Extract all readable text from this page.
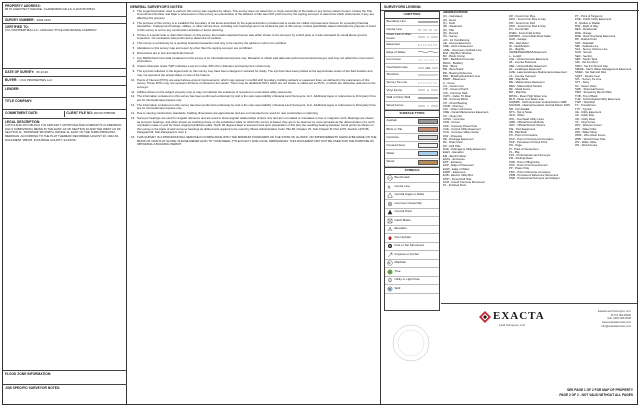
PROPERTY ADDRESS:
89 W CHESTNUT AVENUE, CLARENDON HILLS, ILLINOIS 60514
SURVEY NUMBER: 2003.2613
CERTIFIED TO:
CCU PROPERTIES LLC; CHICAGO TITLE INSURANCE COMPANY
DATE OF SURVEY: 05.13.20
BUYER: CCU PROPERTIES LLC
LENDER:
TITLE COMPANY:
COMMITMENT DATE:	CLIENT FILE NO: 20CSC7055936
LEGAL DESCRIPTION:
LOTS 9 AND 10 IN BLOCK 4 IN ARTHUR T. MCINTOSH AND COMPANY'S CLARENDON HILLS SUBDIVISION, BEING IN THE EAST 1/2 OF SECTION 10 AND THE WEST 1/2 OF SECTION 11, TOWNSHIP 38 NORTH, RANGE 11, EAST OF THE THIRD PRINCIPAL MERIDIAN, ACCORDING TO THE PLAT THEREOF RECORDED AUGUST 26, 1922 AS DOCUMENT 158478, IN DUPAGE COUNTY, ILLINOIS.
FLOOD ZONE INFORMATION:
JOB SPECIFIC SURVEYOR NOTES:
GENERAL SURVEYOR'S NOTES:
1. The Legal Description used to perform this survey was supplied by others. This survey does not determine or imply ownership of the lands or any fences shown hereon. Unless the Title Commitment Number and Date is referenced on this survey, an examination of the abstract of title was NOT performed by the signing surveyor to determine which instruments, if any, are affecting this property.
2. The purpose of this survey is to establish the boundary of the lands described by the legal description provided and to locate the visible improvements thereon for a pending financial transaction. Underground footings, utilities, or other service lines, including roof overhangs were not located as part of this survey. Unless specifically stated otherwise the purpose of intent of this survey is not for any construction activities or future planning.
3. If there is a septic tank or drain field shown on this survey, the location depicted hereon was either shown to the surveyor by a third party or it was estimated by visual above ground inspection. No excavation was performed to determine its location.
4. This survey is exclusively for a pending financial transaction and only to be used by the parties to whom it is certified.
5. Alterations to this survey map and report by other than the signing surveyor are prohibited.
6. Dimensions are in feet and decimals thereof.
7. Any FEMA flood zone data contained on this survey is for informational purposes only. Research to obtain said data was performed at www.fema.gov and may not reflect the most recent information.
8. Unless otherwise noted "SIR" indicates a set iron rebar, 5/8 inch in diameter and twenty-four inches long.
9. The symbols reflected in the legend and on this survey may have been enlarged or reduced for clarity. The symbols have been plotted at the approximate center of the field location and may not represent the actual shape or size of the feature.
10. Points of Interest (POI's) are select above-ground improvements, which may appear in conflict with boundary, building setback or easement lines, as defined by the parameters of this survey. These POI's may not represent all items of interest to the viewer. There may be additional POI's which are not shown or called-out as POI's, or which are otherwise unknown to the surveyor.
11. Utilities shown on the subject property may or may not indicate the existence of recorded or unrecorded utility easements.
12. The information contained on this survey has been performed exclusively by and is the sole responsibility of Exacta Land Surveyors, LLC. Additional logos or references to third party firms are for informational purposes only.
13. The information contained on this survey has been performed exclusively by and is the sole responsibility of Exacta Land Surveyors, LLC. Additional logos or references to third party firms are for informational purposes only.
14. Due to varying construction standards, building dimensions are approximate and are not intended to be used for new construction or planning.
15. Surveyor bearings are used for angular reference and are used to show angular relationships of lines only and are not related or orientated to true or magnetic north. Bearings are shown as surveyor bearings, and when shown as matching those on the subdivision plats on which this survey is based, they are to be deemed no more accurate as the determination of a north orientation made on and for those original subdivision plats. North 00 degrees East is assumed and upon preparation of this plat, the resulting bearing between found points as shown on this survey is the basis of said surveyor bearings as defined and required to be noted by Illinois Administrative Code Title 68, Chapter VII, Sub-Chapter B, Part 1270, Section 1270.56, Paragraph B, Sub-Paragraph 6, Item k.
16. THIS SURVEY IS A PROFESSIONAL SERVICE IN COMPLIANCE WITH THE MINIMUM STANDARDS OF THE STATE OF ILLINOIS. NO IMPROVEMENTS SHOULD BE MADE ON THE BASIS OF THIS PLAT ALONE. PLEASE REFER ALSO TO YOUR DEED, TITLE POLICY AND LOCAL ORDINANCES. THIS DOCUMENT MAY NOT BE USED FOR THE PURPOSE OF OBTAINING A BUILDING PERMIT.
SURVEYORS LEGEND:
LINETYPES
Boundary Line
Center Line
Chain Link or Wire Fence	x
Easement
Edge of Water
Iron Fence
Overhead Lines	OHL
Structure
Survey Tie Line
Vinyl Fence	o
Wall or Party Wall
Wood Fence	/
SURFACE TYPES
Asphalt
Brick or Tile
Concrete
Covered Area
Water
Wood
SYMBOLS
Benchmark
ℌ Center Line
Central Angle or Delta
Common Ownership
Control Point
Catch Basin
Elevation
Fire Hydrant
Find or Set Monument
Guywire or Anchor
M Manhole
Tree
Utility or Light Pole
W Well
ABBREVIATIONS
(C) - Calculated
(D) - Deed
(F) - Field
(M) - Measured
(P) - Plat
(R) - Record
(S) - Survey
A/C - Air Conditioning
AE - Access Easement
ANE - Anchor Easement
ASBL - Accessory Setback Line
B/W - Bay/Box Window
BC - Block Corner
BFP - Backflow Preventer
BLDG - Building
BLK - Block
BM - Benchmark
BR - Bearing Reference
BRL - Building Restriction Line
BSMT - Basement
C - Curve
C/L - Center Line
C/P - Covered Porch
C/S - Concrete Slab
CATV - Cable TV Riser
CB - Concrete Block
CH - Chord Bearing
CHIM - Chimney
CLF - Chain Link Fence
CME - Canal Maintenance Easement
CO - Clean Out
CONC - Concrete
COR - Corner
CPP - Concrete Power Pole
CUE - Control Utility Easement
CVG - Concrete Valley Gutter
D/W - Driveway
DE - Drainage Easement
DF - Drain Field
DH - Drill Hole
DUE - Drainage & Utility Easement
ELEV - Elevation
EM - Electric Meter
ENCL - Enclosure
ENT - Entrance
EOP - Edge of Pavement
EOW - Edge of Water
ESMT - Easement
EUB - Electric Utility Box
F/DH - Found Drill Hole
FCM - Found Concrete Monument
FF - Finished Floor
FIP - Found Iron Pipe
FIPC - Found Iron Pipe & Cap
FIR - Found Iron Rod
FIRC - Found Iron Rod & Cap
FN - Found Nail
FN&D - Found Nail & Disc
FRRSPK - Found Rail Road Spike
GAR - Garage
GM - Gas Meter
ID - Identification
ILL - Illegible
INGRESS/EGRESS Easement
L - Length
LAE - Limited Access Easement
LB - License Business
LBE - Limited Buffer Easement
LE - Landscape Easement
LME - Lake/Landscape Maintenance Easement
LS - License Surveyor
MB - Map Book
ME - Maintenance Easement
MES - Mitered End Section
MF - Metal Fence
MH - Manhole
MHWL - Mean High Water Line
MLH - Mean Low Water Line
NAVD88 - North American Vertical Datum 1988
NGVD29 - National Geodetic Vertical Datum 1929
NR - Non-Radial
NTS - Not to Scale
OFS - Offset
OHL - Overhead Utility Lines
ORB - Official Records Book
ORV - Official Record Volume
P/E - Pool Equipment
PB - Plat Book
PC - Point of Curvature
PCC - Point of Compound Curvature
PCP - Permanent Control Point
PG - Page
PI - Point of Intersection
PL - Plat
PLS - Professional Land Surveyor
PM - Parking Meter
POB - Point of Beginning
POC - Point of Commencement
PP - Power Pole
PRC - Point of Reverse Curvature
PRM - Permanent Reference Monument
PSM - Professional Surveyor and Mapper
PT - Point of Tangency
PUE - Public Utility Easement
R - Radius or Radial
R/W - Right of Way
RES - Residential
RGE - Range
ROE - Roof Overhang Easement
RP - Radius Point
S/W - Sidewalk
SBL - Setback Line
SCL - Survey Closure Line
SCR - Screen
SEC - Section
SEP - Septic Tank
SIR - Set Iron Rod
SIRC - Set Iron Rod & Cap
SMWE - Storm Water Management Easement
SN&D - Set Nail and Disc
SQFT - Square Feet
STL - Survey Tie Line
STY - Story
SV - Sewer Valve
SWF - Stonewall Fence
TBM - Temporary Bench Mark
TOB - Top of Bank
TUE - Technological Utility Easement
TWP - Township
TX - Transformer
TYP - Typical
UE - Utility Easement
UP - Utility Pole
UR - Utility Riser
VF - Vinyl Fence
W/C - Witness Corner
W/F - Water Filter
WM - Water Meter
WMF - Wire Mesh Fence
WPP - Wood Power Pole
WV - Water Valve
WF - Wood Fence
EXACTA
Land Surveyors, LLC
Exacta Land Surveyors, LLC
PLS # 184-00000
Cell: (000) 000-0000
www.exactaservices.com
info@exactaservices.com
SEE PAGE 1 OF 2 FOR MAP OF PROPERTY
PAGE 2 OF 2 - NOT VALID WITHOUT ALL PAGES
